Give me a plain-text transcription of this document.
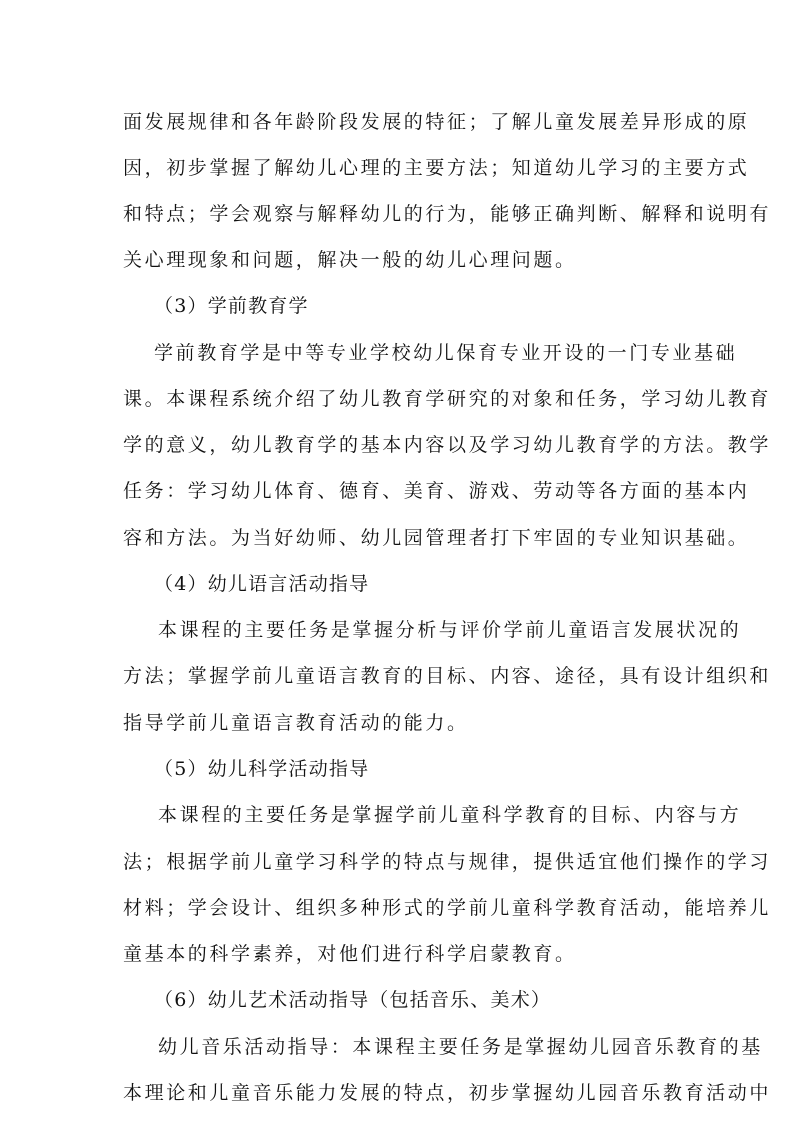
面发展规律和各年龄阶段发展的特征；了解儿童发展差异形成的原
因，初步掌握了解幼儿心理的主要方法；知道幼儿学习的主要方式
和特点；学会观察与解释幼儿的行为，能够正确判断、解释和说明有
关心理现象和问题，解决一般的幼儿心理问题。
（3）学前教育学
学前教育学是中等专业学校幼儿保育专业开设的一门专业基础
课。本课程系统介绍了幼儿教育学研究的对象和任务，学习幼儿教育
学的意义，幼儿教育学的基本内容以及学习幼儿教育学的方法。教学
任务：学习幼儿体育、德育、美育、游戏、劳动等各方面的基本内
容和方法。为当好幼师、幼儿园管理者打下牢固的专业知识基础。
（4）幼儿语言活动指导
本课程的主要任务是掌握分析与评价学前儿童语言发展状况的
方法；掌握学前儿童语言教育的目标、内容、途径，具有设计组织和
指导学前儿童语言教育活动的能力。
（5）幼儿科学活动指导
本课程的主要任务是掌握学前儿童科学教育的目标、内容与方
法；根据学前儿童学习科学的特点与规律，提供适宜他们操作的学习
材料；学会设计、组织多种形式的学前儿童科学教育活动，能培养儿
童基本的科学素养，对他们进行科学启蒙教育。
（6）幼儿艺术活动指导（包括音乐、美术）
幼儿音乐活动指导：本课程主要任务是掌握幼儿园音乐教育的基
本理论和儿童音乐能力发展的特点，初步掌握幼儿园音乐教育活动中
